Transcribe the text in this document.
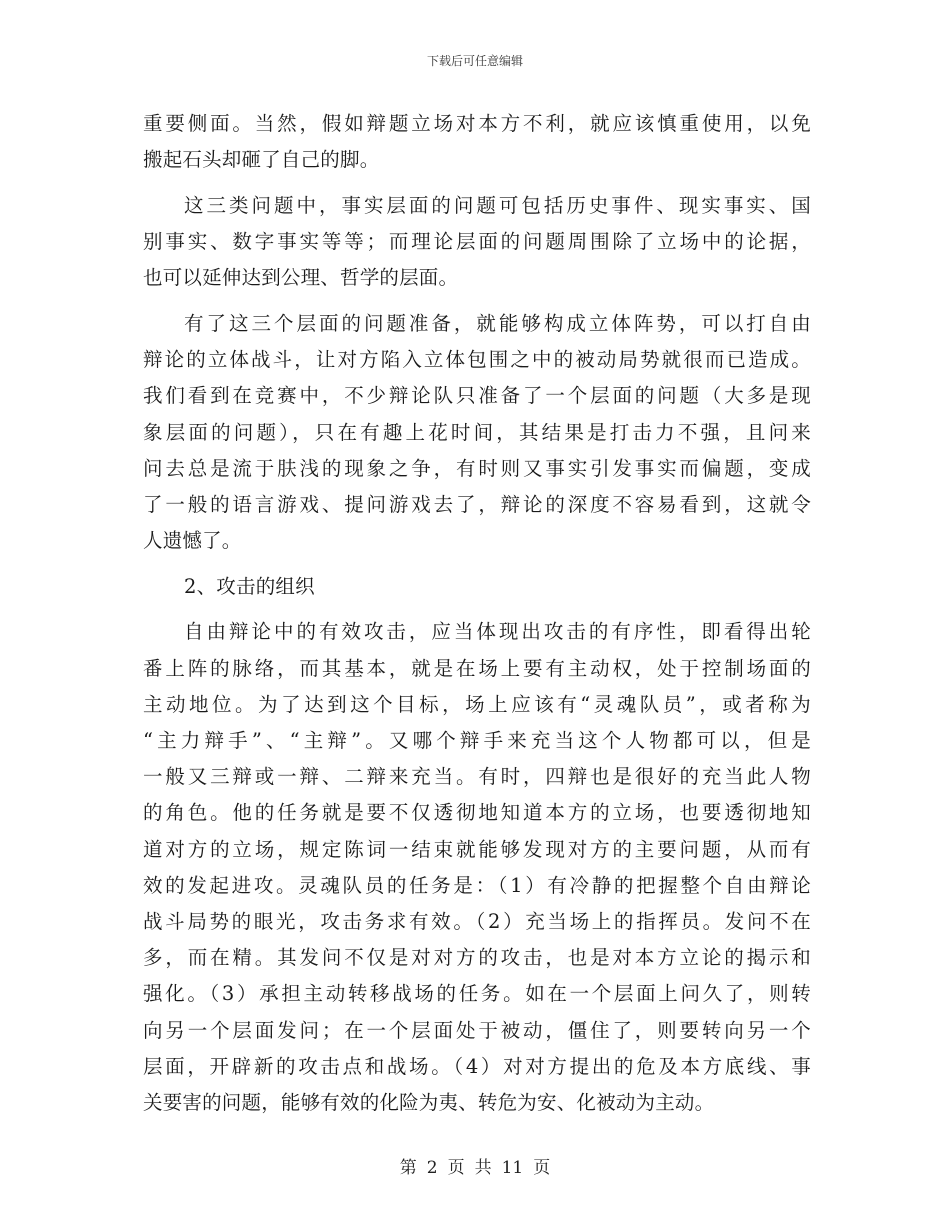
下载后可任意编辑
重要侧面。当然，假如辩题立场对本方不利，就应该慎重使用，以免
搬起石头却砸了自己的脚。
这三类问题中，事实层面的问题可包括历史事件、现实事实、国
别事实、数字事实等等；而理论层面的问题周围除了立场中的论据，
也可以延伸达到公理、哲学的层面。
有了这三个层面的问题准备，就能够构成立体阵势，可以打自由
辩论的立体战斗，让对方陷入立体包围之中的被动局势就很而已造成。
我们看到在竞赛中，不少辩论队只准备了一个层面的问题（大多是现
象层面的问题），只在有趣上花时间，其结果是打击力不强，且问来
问去总是流于肤浅的现象之争，有时则又事实引发事实而偏题，变成
了一般的语言游戏、提问游戏去了，辩论的深度不容易看到，这就令
人遗憾了。
2、攻击的组织
自由辩论中的有效攻击，应当体现出攻击的有序性，即看得出轮
番上阵的脉络，而其基本，就是在场上要有主动权，处于控制场面的
主动地位。为了达到这个目标，场上应该有“灵魂队员”，或者称为
“主力辩手”、“主辩”。又哪个辩手来充当这个人物都可以，但是
一般又三辩或一辩、二辩来充当。有时，四辩也是很好的充当此人物
的角色。他的任务就是要不仅透彻地知道本方的立场，也要透彻地知
道对方的立场，规定陈词一结束就能够发现对方的主要问题，从而有
效的发起进攻。灵魂队员的任务是：（1）有冷静的把握整个自由辩论
战斗局势的眼光，攻击务求有效。（2）充当场上的指挥员。发问不在
多，而在精。其发问不仅是对对方的攻击，也是对本方立论的揭示和
强化。（3）承担主动转移战场的任务。如在一个层面上问久了，则转
向另一个层面发问；在一个层面处于被动，僵住了，则要转向另一个
层面，开辟新的攻击点和战场。（4）对对方提出的危及本方底线、事
关要害的问题，能够有效的化险为夷、转危为安、化被动为主动。
第 2 页 共 11 页
